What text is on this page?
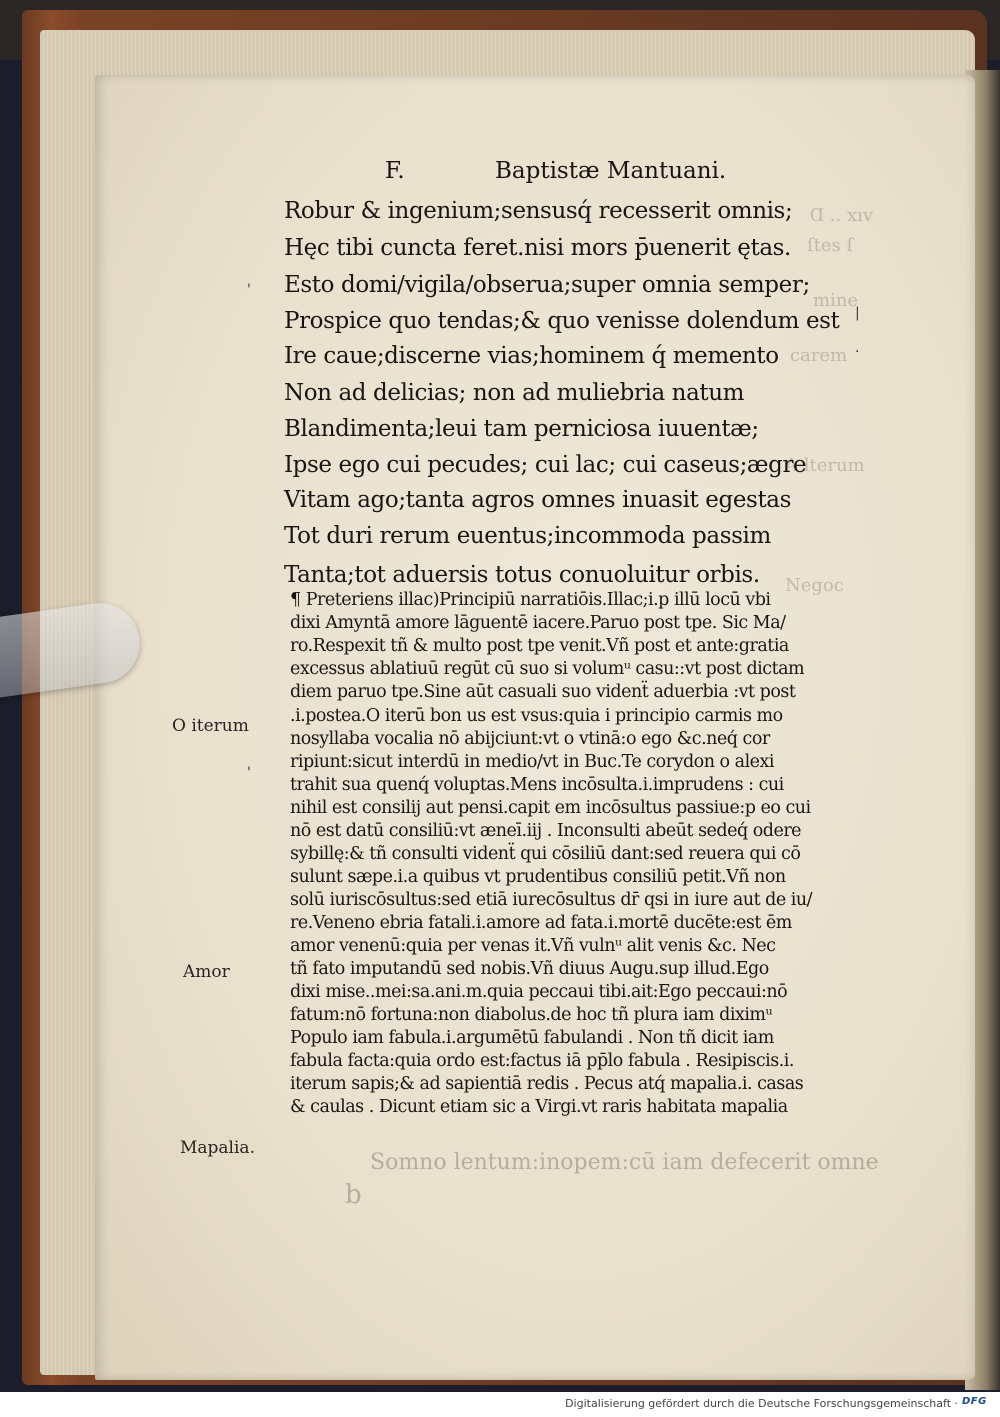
Ɑ .. xıv
ſtes ſ
mine
carem
A lterum
Negoc
F.	Baptistæ Mantuani.
Robur & ingenium;sensusq́ recesserit omnis;
Hęc tibi cuncta feret.nisi mors p̄uenerit ętas.
Esto domi/vigila/obserua;super omnia semper;
Prospice quo tendas;& quo venisse dolendum est
Ire caue;discerne vias;hominem q́ memento
Non ad delicias; non ad muliebria natum
Blandimenta;leui tam perniciosa iuuentæ;
Ipse ego cui pecudes; cui lac; cui caseus;ægre
Vitam ago;tanta agros omnes inuasit egestas
Tot duri rerum euentus;incommoda passim
Tanta;tot aduersis totus conuoluitur orbis.
¶ Preteriens illac)Principiū narratiōis.Illac;i.p illū locū vbi
dixi Amyntā amore lāguentē iacere.Paruo post tpe. Sic Ma/
ro.Respexit tñ & multo post tpe venit.Vñ post et ante:gratia
excessus ablatiuū regūt cū suo si volumᵘ casu::vt post dictam
diem paruo tpe.Sine aūt casuali suo videnẗ aduerbia :vt post
.i.postea.O iterū bon us est vsus:quia i principio carmis mo
nosyllaba vocalia nō abijciunt:vt o vtinā:o ego &c.neq́ cor
ripiunt:sicut interdū in medio/vt in Buc.Te corydon o alexi
trahit sua quenq́ voluptas.Mens incōsulta.i.imprudens : cui
nihil est consilij aut pensi.capit em incōsultus passiue:p eo cui
nō est datū consiliū:vt æneī.iij . Inconsulti abeūt sedeq́ odere
sybillę:& tñ consulti videnẗ qui cōsiliū dant:sed reuera qui cō
sulunt sæpe.i.a quibus vt prudentibus consiliū petit.Vñ non
solū iuriscōsultus:sed etiā iurecōsultus dr̄ qsi in iure aut de iu/
re.Veneno ebria fatali.i.amore ad fata.i.mortē ducēte:est ēm
amor venenū:quia per venas it.Vñ vulnᵘ alit venis &c. Nec
tñ fato imputandū sed nobis.Vñ diuus Augu.sup illud.Ego
dixi mise..mei:sa.ani.m.quia peccaui tibi.ait:Ego peccaui:nō
fatum:nō fortuna:non diabolus.de hoc tñ plura iam diximᵘ
Populo iam fabula.i.argumētū fabulandi . Non tñ dicit iam
fabula facta:quia ordo est:factus iā pp̄lo fabula . Resipiscis.i.
iterum sapis;& ad sapientiā redis . Pecus atq́ mapalia.i. casas
& caulas . Dicunt etiam sic a Virgi.vt raris habitata mapalia
O iterum
Amor
Mapalia.
'
|
'
.
Somno lentum:inopem:cū iam defecerit omne
b
Digitalisierung gefördert durch die Deutsche Forschungsgemeinschaft · DFG
